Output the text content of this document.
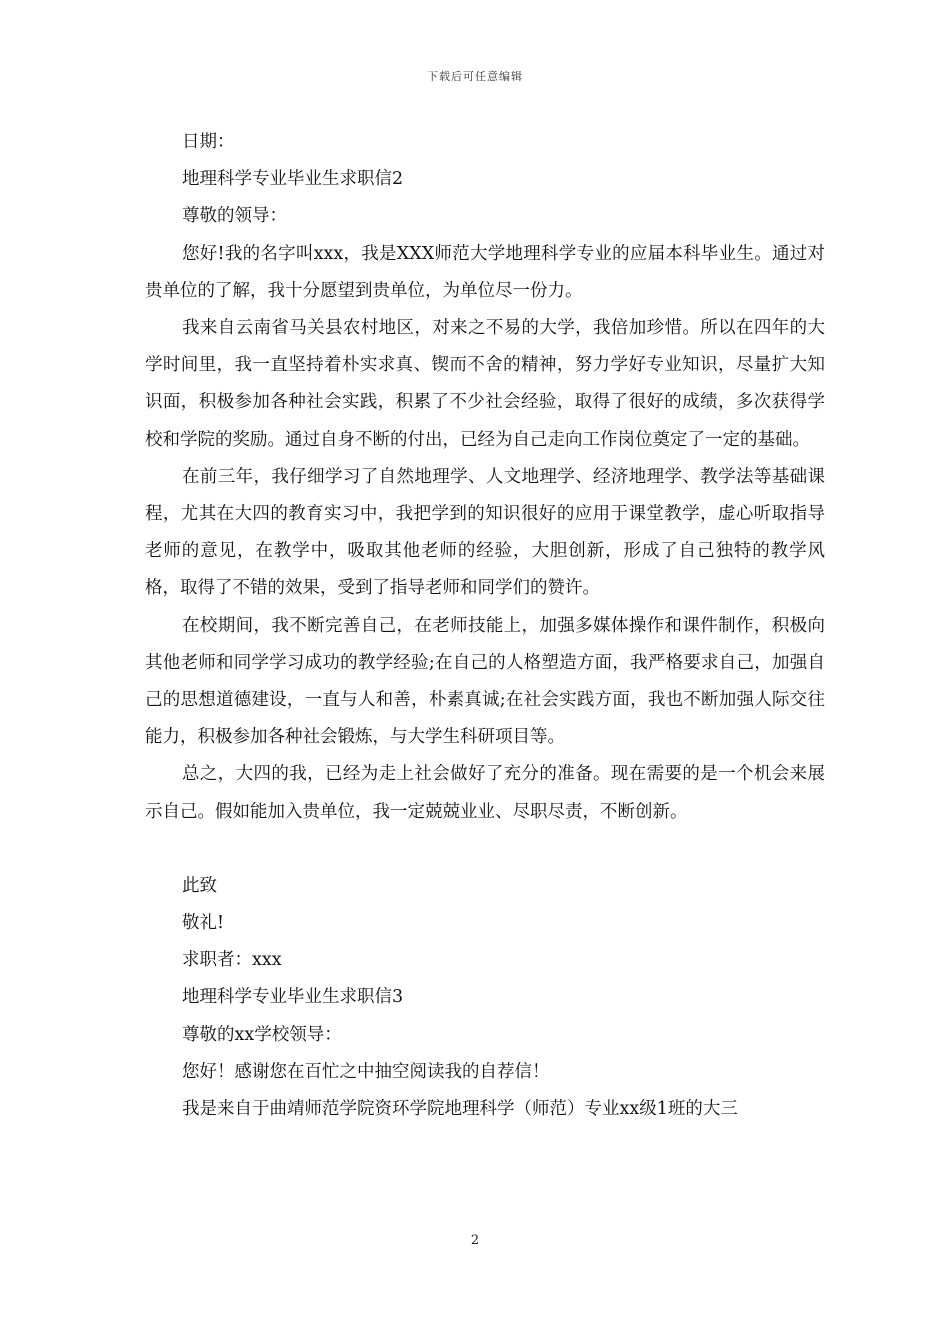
下载后可任意编辑
日期：
地理科学专业毕业生求职信2
尊敬的领导：

您好!我的名字叫xxx，我是XXX师范大学地理科学专业的应届本科毕业生。通过对贵单位的了解，我十分愿望到贵单位，为单位尽一份力。

我来自云南省马关县农村地区，对来之不易的大学，我倍加珍惜。所以在四年的大学时间里，我一直坚持着朴实求真、锲而不舍的精神，努力学好专业知识，尽量扩大知识面，积极参加各种社会实践，积累了不少社会经验，取得了很好的成绩，多次获得学校和学院的奖励。通过自身不断的付出，已经为自己走向工作岗位奠定了一定的基础。

在前三年，我仔细学习了自然地理学、人文地理学、经济地理学、教学法等基础课程，尤其在大四的教育实习中，我把学到的知识很好的应用于课堂教学，虚心听取指导老师的意见，在教学中，吸取其他老师的经验，大胆创新，形成了自己独特的教学风格，取得了不错的效果，受到了指导老师和同学们的赞许。

在校期间，我不断完善自己，在老师技能上，加强多媒体操作和课件制作，积极向其他老师和同学学习成功的教学经验;在自己的人格塑造方面，我严格要求自己，加强自己的思想道德建设，一直与人和善，朴素真诚;在社会实践方面，我也不断加强人际交往能力，积极参加各种社会锻炼，与大学生科研项目等。

总之，大四的我，已经为走上社会做好了充分的准备。现在需要的是一个机会来展示自己。假如能加入贵单位，我一定兢兢业业、尽职尽责，不断创新。

此致
敬礼!
求职者：xxx
地理科学专业毕业生求职信3
尊敬的xx学校领导：
您好！感谢您在百忙之中抽空阅读我的自荐信！
我是来自于曲靖师范学院资环学院地理科学（师范）专业xx级1班的大三
2
